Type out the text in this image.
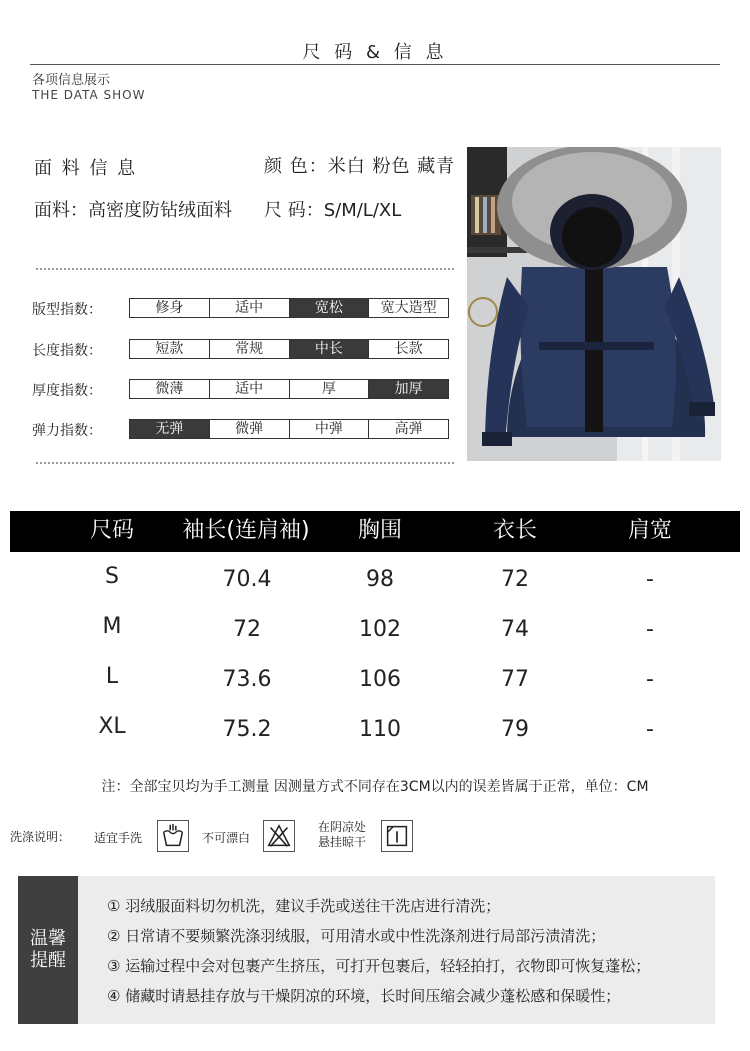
尺 码 & 信 息
各项信息展示
THE DATA SHOW
面 料 信 息	颜 色：米白 粉色 藏青
面料：高密度防钻绒面料 尺 码：S/M/L/XL
版型指数：	修身	适中	宽松	宽大造型
长度指数：	短款	常规	中长	长款
厚度指数：	微薄	适中	厚	加厚
弹力指数：	无弹	微弹	中弹	高弹
尺码	袖长(连肩袖)	胸围	衣长	肩宽
S	70.4	98	72	-
M	72	102	74	-
L	73.6	106	77	-
XL	75.2	110	79	-
注：全部宝贝均为手工测量 因测量方式不同存在3CM以内的误差皆属于正常，单位：CM
洗涤说明： 适宜手洗	不可漂白
在阴凉处
悬挂晾干
温馨
提醒
① 羽绒服面料切勿机洗，建议手洗或送往干洗店进行清洗；
② 日常请不要频繁洗涤羽绒服，可用清水或中性洗涤剂进行局部污渍清洗；
③ 运输过程中会对包裹产生挤压，可打开包裹后，轻轻拍打，衣物即可恢复蓬松；
④ 储藏时请悬挂存放与干燥阴凉的环境，长时间压缩会减少蓬松感和保暖性；
